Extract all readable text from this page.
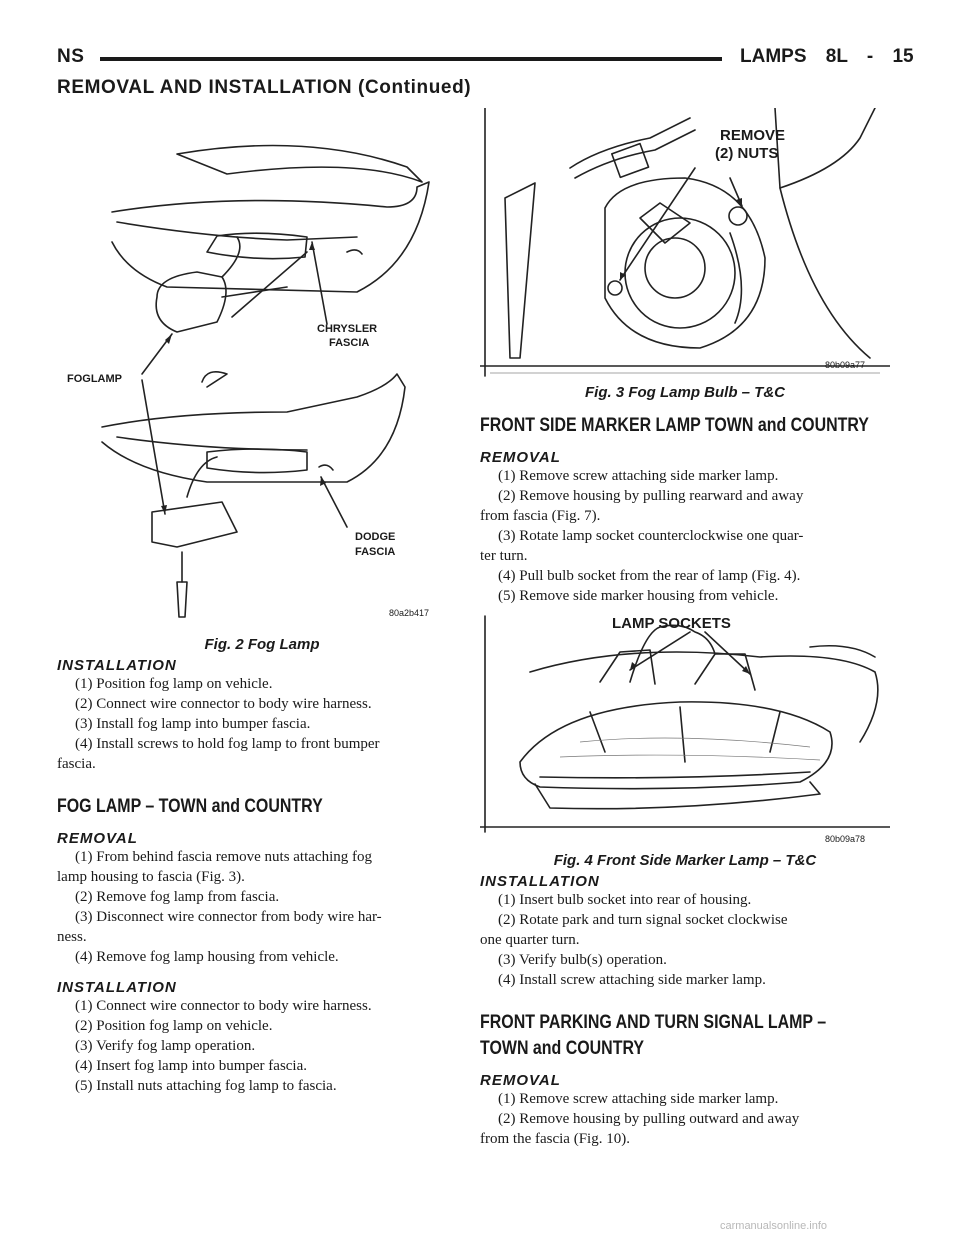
NS	LAMPS 8L - 15
REMOVAL AND INSTALLATION (Continued)
CHRYSLER
FASCIA
FOGLAMP
DODGE
FASCIA
80a2b417
Fig. 2 Fog Lamp
INSTALLATION

(1) Position fog lamp on vehicle.

(2) Connect wire connector to body wire harness.

(3) Install fog lamp into bumper fascia.

(4) Install screws to hold fog lamp to front bumper

fascia.

FOG LAMP – TOWN and COUNTRY
REMOVAL

(1) From behind fascia remove nuts attaching fog

lamp housing to fascia (Fig. 3).

(2) Remove fog lamp from fascia.

(3) Disconnect wire connector from body wire har-

ness.

(4) Remove fog lamp housing from vehicle.

INSTALLATION

(1) Connect wire connector to body wire harness.

(2) Position fog lamp on vehicle.

(3) Verify fog lamp operation.

(4) Insert fog lamp into bumper fascia.

(5) Install nuts attaching fog lamp to fascia.

REMOVE
(2) NUTS
80b09a77
Fig. 3 Fog Lamp Bulb – T&C
FRONT SIDE MARKER LAMP TOWN and COUNTRY
REMOVAL

(1) Remove screw attaching side marker lamp.

(2) Remove housing by pulling rearward and away

from fascia (Fig. 7).

(3) Rotate lamp socket counterclockwise one quar-

ter turn.

(4) Pull bulb socket from the rear of lamp (Fig. 4).

(5) Remove side marker housing from vehicle.

LAMP SOCKETS
80b09a78
Fig. 4 Front Side Marker Lamp – T&C
INSTALLATION

(1) Insert bulb socket into rear of housing.

(2) Rotate park and turn signal socket clockwise

one quarter turn.

(3) Verify bulb(s) operation.

(4) Install screw attaching side marker lamp.

FRONT PARKING AND TURN SIGNAL LAMP –
TOWN and COUNTRY
REMOVAL

(1) Remove screw attaching side marker lamp.

(2) Remove housing by pulling outward and away

from the fascia (Fig. 10).

carmanualsonline.info
